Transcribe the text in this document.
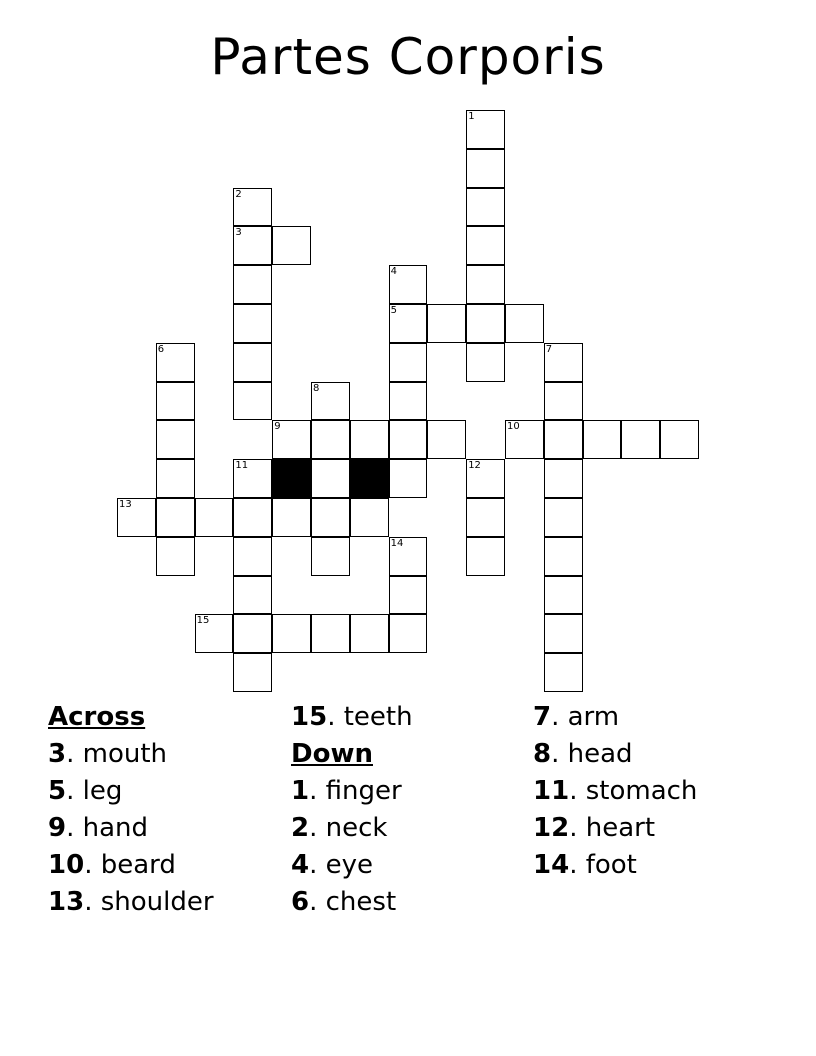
Partes Corporis
1
2
3
4
5
6	7
8
9	10
11	12
13
14
15
Across
3. mouth
5. leg
9. hand
10. beard
13. shoulder
15. teeth
Down
1. finger
2. neck
4. eye
6. chest
7. arm
8. head
11. stomach
12. heart
14. foot
